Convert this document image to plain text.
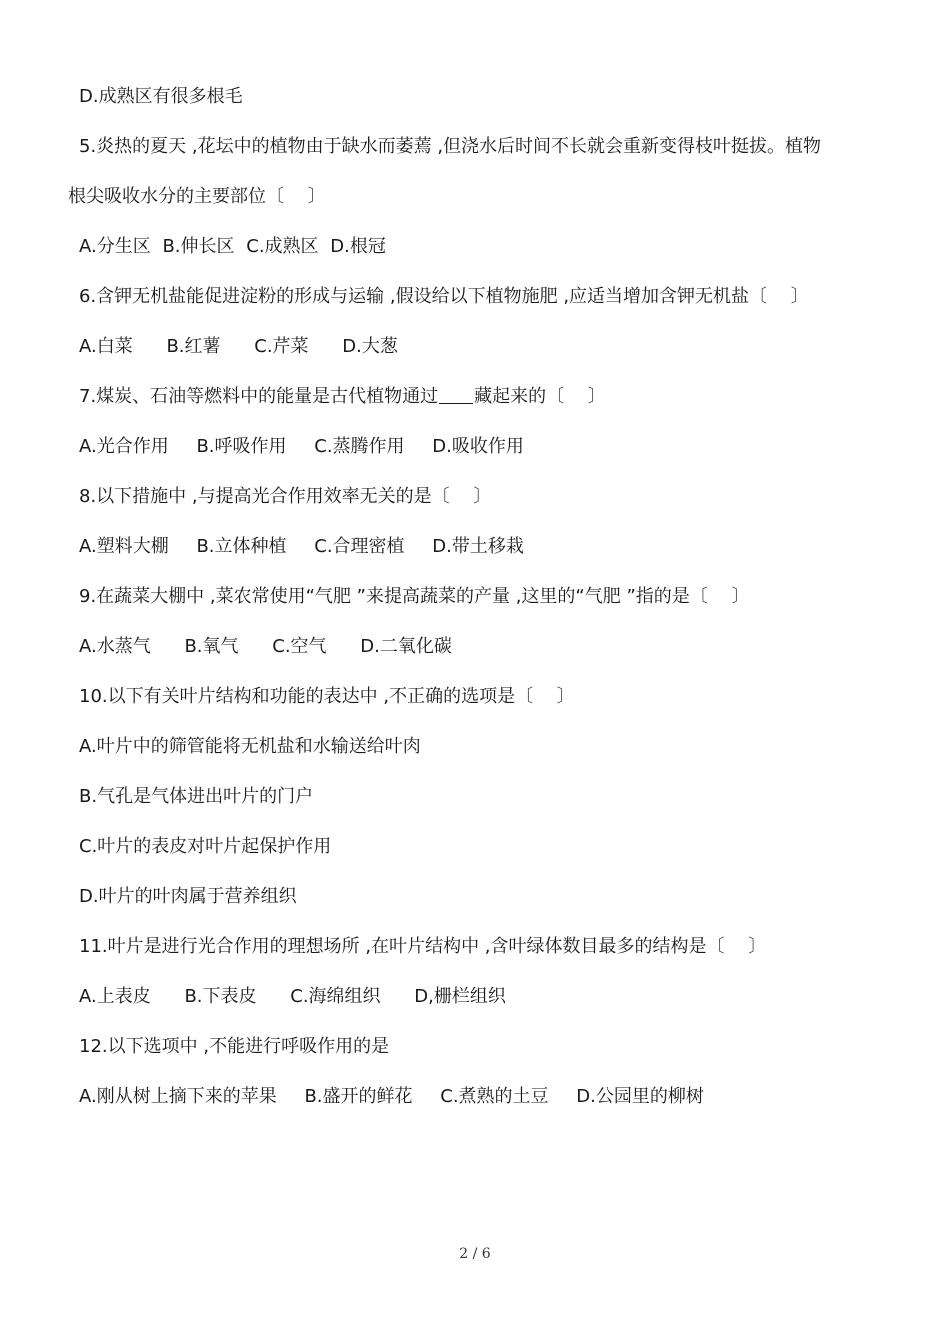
D.成熟区有很多根毛
5.炎热的夏天 ,花坛中的植物由于缺水而萎蔫 ,但浇水后时间不长就会重新变得枝叶挺拔。植物
根尖吸收水分的主要部位〔　 〕
A.分生区 B.伸长区 C.成熟区 D.根冠
6.含钾无机盐能促进淀粉的形成与运输 ,假设给以下植物施肥 ,应适当增加含钾无机盐〔　 〕
A.白菜 B.红薯 C.芹菜 D.大葱
7.煤炭、石油等燃料中的能量是古代植物通过 藏起来的〔　 〕
A.光合作用 B.呼吸作用 C.蒸腾作用 D.吸收作用
8.以下措施中 ,与提高光合作用效率无关的是〔　 〕
A.塑料大棚 B.立体种植 C.合理密植 D.带土移栽
9.在蔬菜大棚中 ,菜农常使用“气肥 ”来提高蔬菜的产量 ,这里的“气肥 ”指的是〔　 〕
A.水蒸气 B.氧气 C.空气 D.二氧化碳
10.以下有关叶片结构和功能的表达中 ,不正确的选项是〔　 〕
A.叶片中的筛管能将无机盐和水输送给叶肉
B.气孔是气体进出叶片的门户
C.叶片的表皮对叶片起保护作用
D.叶片的叶肉属于营养组织
11.叶片是进行光合作用的理想场所 ,在叶片结构中 ,含叶绿体数目最多的结构是〔　 〕
A.上表皮 B.下表皮 C.海绵组织 D,栅栏组织
12.以下选项中 ,不能进行呼吸作用的是
A.刚从树上摘下来的苹果 B.盛开的鲜花 C.煮熟的土豆 D.公园里的柳树
2 / 6
